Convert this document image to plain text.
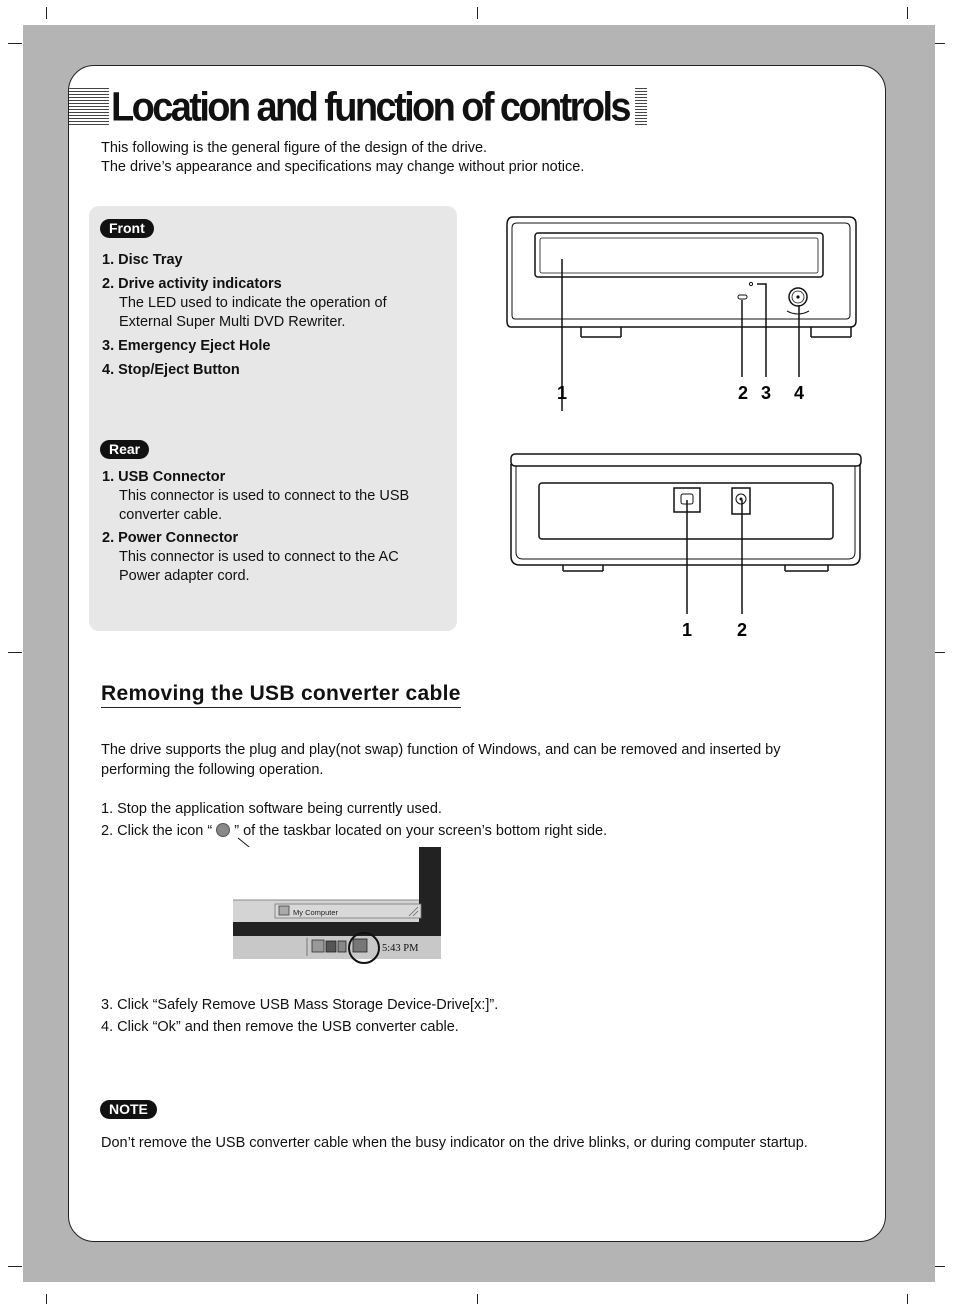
Location and function of controls
This following is the general figure of the design of the drive.
The drive’s appearance and specifications may change without prior notice.
Front
1. Disc Tray
2. Drive activity indicators
The LED used to indicate the operation of
External Super Multi DVD Rewriter.
3. Emergency Eject Hole
4. Stop/Eject Button
Rear
1. USB Connector
This connector is used to connect to the USB
converter cable.
2. Power Connector
This connector is used to connect to the AC
Power adapter cord.
1	2 3 4
1 2
Removing the USB converter cable
The drive supports the plug and play(not swap) function of Windows, and can be removed and inserted by
performing the following operation.
1. Stop the application software being currently used.
2. Click the icon “ ” of the taskbar located on your screen’s bottom right side.
My Computer
5:43 PM
3. Click “Safely Remove USB Mass Storage Device-Drive[x:]”.
4. Click “Ok” and then remove the USB converter cable.
NOTE
Don’t remove the USB converter cable when the busy indicator on the drive blinks, or during computer startup.
